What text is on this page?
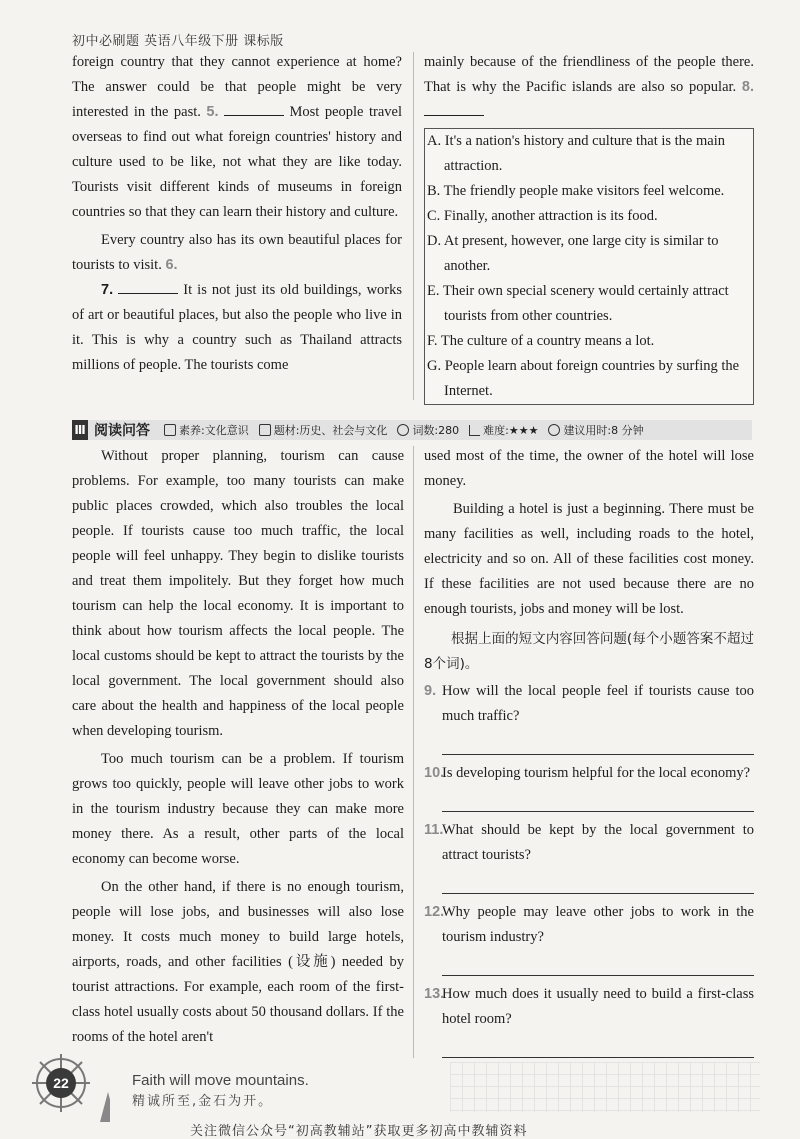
初中必刷题 英语八年级下册 课标版

foreign country that they cannot experience at home? The answer could be that people might be very interested in the past. 5.	Most people travel overseas to find out what foreign countries' history and culture used to be like, not what they are like today. Tourists visit different kinds of museums in foreign countries so that they can learn their history and culture.

Every country also has its own beautiful places for tourists to visit. 6.

7.	It is not just its old buildings, works of art or beautiful places, but also the people who live in it. This is why a country such as Thailand attracts millions of people. The tourists come

mainly because of the friendliness of the people there. That is why the Pacific islands are also so popular. 8.

A. It's a nation's history and culture that is the main attraction.
B. The friendly people make visitors feel welcome.
C. Finally, another attraction is its food.
D. At present, however, one large city is similar to another.
E. Their own special scenery would certainly attract tourists from other countries.
F. The culture of a country means a lot.
G. People learn about foreign countries by surfing the Internet.
Ⅲ 阅读问答	素养:文化意识 题材:历史、社会与文化 词数:280 难度:★★★ 建议用时:8 分钟

Without proper planning, tourism can cause problems. For example, too many tourists can make public places crowded, which also troubles the local people. If tourists cause too much traffic, the local people will feel unhappy. They begin to dislike tourists and treat them impolitely. But they forget how much tourism can help the local economy. It is important to think about how tourism affects the local people. The local customs should be kept to attract the tourists by the local government. The local government should also care about the health and happiness of the local people when developing tourism.

Too much tourism can be a problem. If tourism grows too quickly, people will leave other jobs to work in the tourism industry because they can make more money there. As a result, other parts of the local economy can become worse.

On the other hand, if there is no enough tourism, people will lose jobs, and businesses will also lose money. It costs much money to build large hotels, airports, roads, and other facilities (设施) needed by tourist attractions. For example, each room of the first-class hotel usually costs about 50 thousand dollars. If the rooms of the hotel aren't

used most of the time, the owner of the hotel will lose money.

Building a hotel is just a beginning. There must be many facilities as well, including roads to the hotel, electricity and so on. All of these facilities cost money. If these facilities are not used because there are no enough tourists, jobs and money will be lost.

根据上面的短文内容回答问题(每个小题答案不超过8个词)。

9. How will the local people feel if tourists cause too much traffic?
10.
Is developing tourism helpful for the local economy?
11.
What should be kept by the local government to attract tourists?
12.
Why people may leave other jobs to work in the tourism industry?
13.
How much does it usually need to build a first-class hotel room?
22	Faith will move mountains.
精诚所至,金石为开。
关注微信公众号“初高教辅站”获取更多初高中教辅资料
